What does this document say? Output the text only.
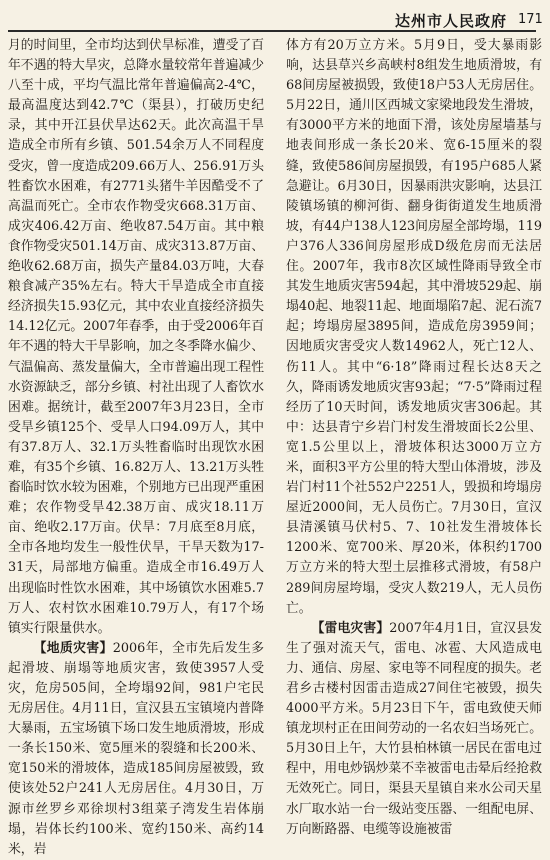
达州市人民政府 171

月的时间里，全市均达到伏旱标准，遭受了百年不遇的特大旱灾，总降水量较常年普遍减少八至十成，平均气温比常年普遍偏高2-4℃，最高温度达到42.7℃（渠县），打破历史纪录，其中开江县伏旱达62天。此次高温干旱造成全市所有乡镇、501.54余万人不同程度受灾，曾一度造成209.66万人、256.91万头牲畜饮水困难，有2771头猪牛羊因酷受不了高温而死亡。全市农作物受灾668.31万亩、成灾406.42万亩、绝收87.54万亩。其中粮食作物受灾501.14万亩、成灾313.87万亩、绝收62.68万亩，损失产量84.03万吨，大春粮食减产35%左右。特大干旱造成全市直接经济损失15.93亿元，其中农业直接经济损失14.12亿元。2007年春季，由于受2006年百年不遇的特大干旱影响，加之冬季降水偏少、气温偏高、蒸发量偏大，全市普遍出现工程性水资源缺乏，部分乡镇、村社出现了人畜饮水困难。据统计，截至2007年3月23日，全市受旱乡镇125个、受旱人口94.09万人，其中有37.8万人、32.1万头牲畜临时出现饮水困难，有35个乡镇、16.82万人、13.21万头牲畜临时饮水较为困难，个别地方已出现严重困难；农作物受旱42.38万亩、成灾18.11万亩、绝收2.17万亩。伏旱：7月底至8月底，全市各地均发生一般性伏旱，干旱天数为17-31天，局部地方偏重。造成全市16.49万人出现临时性饮水困难，其中场镇饮水困难5.7万人、农村饮水困难10.79万人，有17个场镇实行限量供水。

【地质灾害】2006年，全市先后发生多起滑坡、崩塌等地质灾害，致使3957人受灾，危房505间，全垮塌92间，981户宅民无房居住。4月11日，宣汉县五宝镇境内普降大暴雨，五宝场镇下场口发生地质滑坡，形成一条长150米、宽5厘米的裂缝和长200米、宽150米的滑坡体，造成185间房屋被毁，致使该处52户241人无房居住。4月30日，万源市丝罗乡邓徐坝村3组菜子湾发生岩体崩塌，岩体长约100米、宽约150米、高约14米，岩

体方有20万立方米。5月9日，受大暴雨影响，达县草兴乡高峡村8组发生地质滑坡，有68间房屋被损毁，致使18户53人无房居住。5月22日，通川区西城文家梁地段发生滑坡，有3000平方米的地面下滑，该处房屋墙基与地表间形成一条长20米、宽6-15厘米的裂缝，致使586间房屋损毁，有195户685人紧急避让。6月30日，因暴雨洪灾影响，达县江陵镇场镇的柳河街、翻身街街道发生地质滑坡，有44户138人123间房屋全部垮塌，119户376人336间房屋形成D级危房而无法居住。2007年，我市8次区域性降雨导致全市其发生地质灾害594起，其中滑坡529起、崩塌40起、地裂11起、地面塌陷7起、泥石流7起；垮塌房屋3895间，造成危房3959间；因地质灾害受灾人数14962人，死亡12人、伤11人。其中“6·18”降雨过程长达8天之久，降雨诱发地质灾害93起；“7·5”降雨过程经历了10天时间，诱发地质灾害306起。其中：达县青宁乡岩门村发生滑坡面长2公里、宽1.5公里以上，滑坡体积达3000万立方米，面积3平方公里的特大型山体滑坡，涉及岩门村11个社552户2251人，毁损和垮塌房屋近2000间，无人员伤亡。7月30日，宣汉县清溪镇马伏村5、7、10社发生滑坡体长1200米、宽700米、厚20米，体积约1700万立方米的特大型土层推移式滑坡，有58户289间房屋垮塌，受灾人数219人，无人员伤亡。

【雷电灾害】2007年4月1日，宣汉县发生了强对流天气，雷电、冰雹、大风造成电力、通信、房屋、家电等不同程度的损失。老君乡古楼村因雷击造成27间住宅被毁，损失4000平方米。5月23日下午，雷电致使天师镇龙坝村正在田间劳动的一名农妇当场死亡。5月30日上午，大竹县柏林镇一居民在雷电过程中，用电炒锅炒菜不幸被雷电击晕后经抢救无效死亡。同日，渠县天星镇自来水公司天星水厂取水站一台一级站变压器、一组配电屏、万向断路器、电缆等设施被雷
